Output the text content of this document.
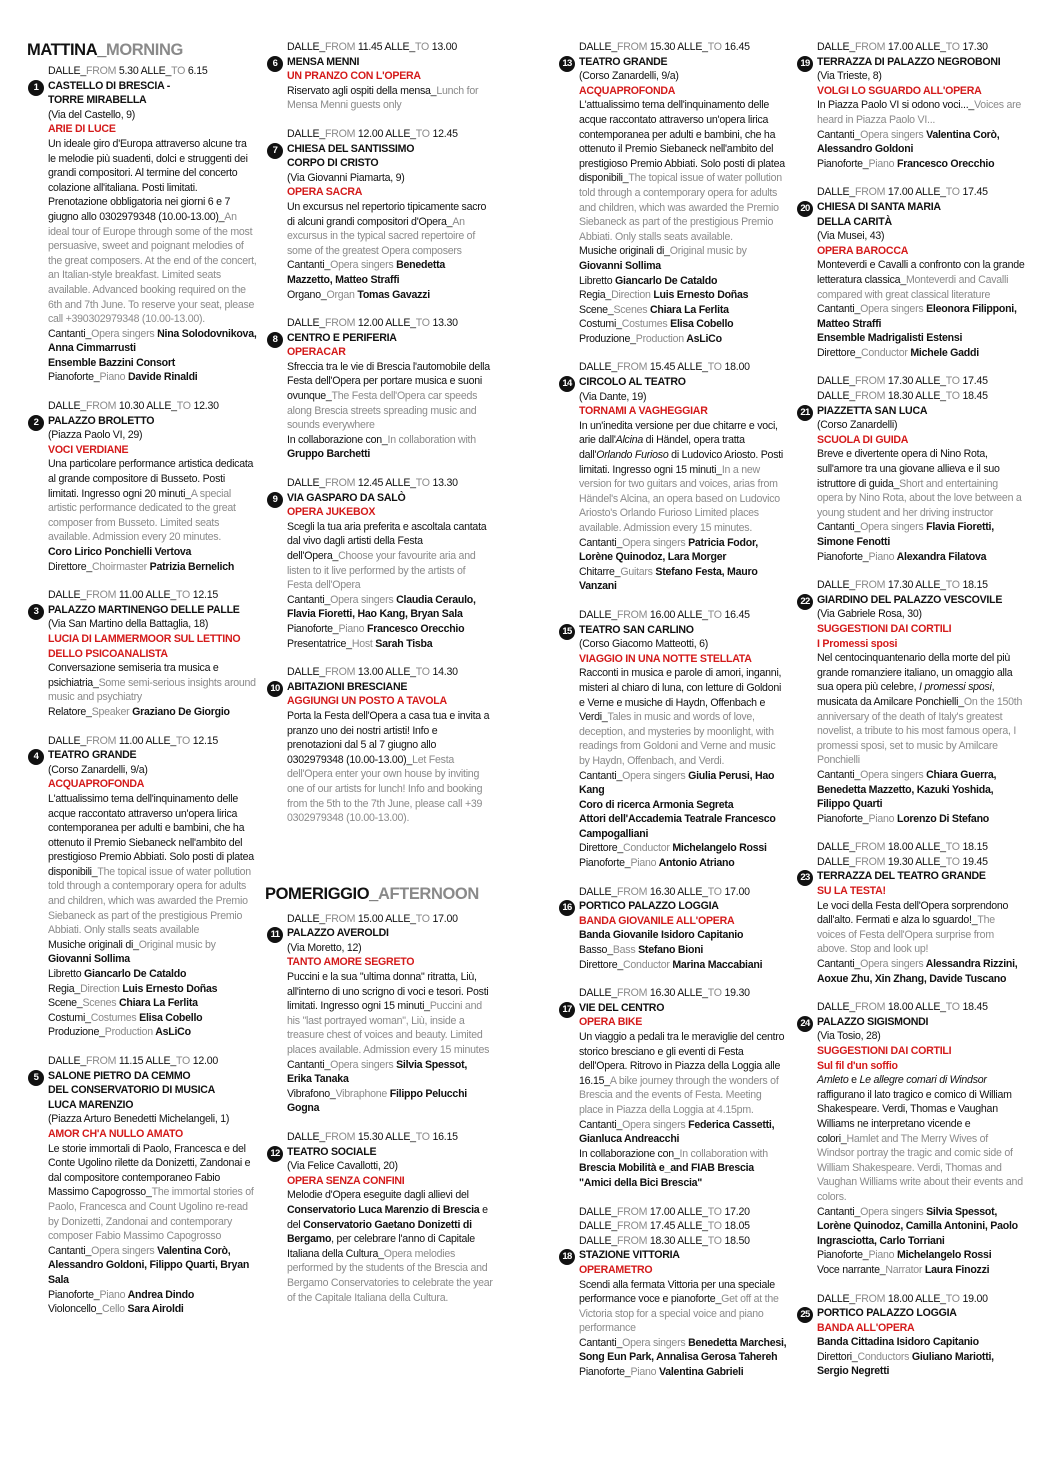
MATTINA_MORNING
DALLE_FROM 5.30 ALLE_TO 6.15
1 CASTELLO DI BRESCIA -
TORRE MIRABELLA
(Via del Castello, 9)
ARIE DI LUCE

Un ideale giro d'Europa attraverso alcune tra le melodie più suadenti, dolci e struggenti dei grandi compositori. Al termine del concerto colazione all'italiana. Posti limitati. Prenotazione obbligatoria nei giorni 6 e 7 giugno allo 0302979348 (10.00-13.00)_An ideal tour of Europe through some of the most persuasive, sweet and poignant melodies of the great composers. At the end of the concert, an Italian-style breakfast. Limited seats available. Advanced booking required on the 6th and 7th June. To reserve your seat, please call +390302979348 (10.00-13.00).

Cantanti_Opera singers Nina Solodovnikova, Anna Cimmarrusti
Ensemble Bazzini Consort
Pianoforte_Piano Davide Rinaldi
DALLE_FROM 10.30 ALLE_TO 12.30
2 PALAZZO BROLETTO
(Piazza Paolo VI, 29)
VOCI VERDIANE

Una particolare performance artistica dedicata al grande compositore di Busseto. Posti limitati. Ingresso ogni 20 minuti_A special artistic performance dedicated to the great composer from Busseto. Limited seats available. Admission every 20 minutes.

Coro Lirico Ponchielli Vertova
Direttore_Choirmaster Patrizia Bernelich
DALLE_FROM 11.00 ALLE_TO 12.15
3 PALAZZO MARTINENGO DELLE PALLE
(Via San Martino della Battaglia, 18)
LUCIA DI LAMMERMOOR SUL LETTINO
DELLO PSICOANALISTA

Conversazione semiseria tra musica e psichiatria_Some semi-serious insights around music and psychiatry

Relatore_Speaker Graziano De Giorgio
DALLE_FROM 11.00 ALLE_TO 12.15
4 TEATRO GRANDE
(Corso Zanardelli, 9/a)
ACQUAPROFONDA

L'attualissimo tema dell'inquinamento delle acque raccontato attraverso un'opera lirica contemporanea per adulti e bambini, che ha ottenuto il Premio Siebaneck nell'ambito del prestigioso Premio Abbiati. Solo posti di platea disponibili_The topical issue of water pollution told through a contemporary opera for adults and children, which was awarded the Premio Siebaneck as part of the prestigious Premio Abbiati. Only stalls seats available

Musiche originali di_Original music by Giovanni Sollima
Libretto Giancarlo De Cataldo
Regia_Direction Luis Ernesto Doñas
Scene_Scenes Chiara La Ferlita
Costumi_Costumes Elisa Cobello
Produzione_Production AsLiCo
DALLE_FROM 11.15 ALLE_TO 12.00
5 SALONE PIETRO DA CEMMO
DEL CONSERVATORIO DI MUSICA
LUCA MARENZIO
(Piazza Arturo Benedetti Michelangeli, 1)
AMOR CH'A NULLO AMATO

Le storie immortali di Paolo, Francesca e del Conte Ugolino rilette da Donizetti, Zandonai e dal compositore contemporaneo Fabio Massimo Capogrosso_The immortal stories of Paolo, Francesca and Count Ugolino re-read by Donizetti, Zandonai and contemporary composer Fabio Massimo Capogrosso

Cantanti_Opera singers Valentina Corò, Alessandro Goldoni, Filippo Quarti, Bryan Sala
Pianoforte_Piano Andrea Dindo
Violoncello_Cello Sara Airoldi
DALLE_FROM 11.45 ALLE_TO 13.00
6 MENSA MENNI
UN PRANZO CON L'OPERA

Riservato agli ospiti della mensa_Lunch for Mensa Menni guests only

DALLE_FROM 12.00 ALLE_TO 12.45
7 CHIESA DEL SANTISSIMO
CORPO DI CRISTO
(Via Giovanni Piamarta, 9)
OPERA SACRA

Un excursus nel repertorio tipicamente sacro di alcuni grandi compositori d'Opera_An excursus in the typical sacred repertoire of some of the greatest Opera composers

Cantanti_Opera singers Benedetta Mazzetto, Matteo Straffi
Organo_Organ Tomas Gavazzi
DALLE_FROM 12.00 ALLE_TO 13.30
8 CENTRO E PERIFERIA
OPERACAR

Sfreccia tra le vie di Brescia l'automobile della Festa dell'Opera per portare musica e suoni ovunque_The Festa dell'Opera car speeds along Brescia streets spreading music and sounds everywhere

In collaborazione con_In collaboration with
Gruppo Barchetti
DALLE_FROM 12.45 ALLE_TO 13.30
9 VIA GASPARO DA SALÒ
OPERA JUKEBOX

Scegli la tua aria preferita e ascoltala cantata dal vivo dagli artisti della Festa dell'Opera_Choose your favourite aria and listen to it live performed by the artists of Festa dell'Opera

Cantanti_Opera singers Claudia Ceraulo, Flavia Fioretti, Hao Kang, Bryan Sala
Pianoforte_Piano Francesco Orecchio
Presentatrice_Host Sarah Tisba
DALLE_FROM 13.00 ALLE_TO 14.30
10 ABITAZIONI BRESCIANE
AGGIUNGI UN POSTO A TAVOLA

Porta la Festa dell'Opera a casa tua e invita a pranzo uno dei nostri artisti! Info e prenotazioni dal 5 al 7 giugno allo 0302979348 (10.00-13.00)_Let Festa dell'Opera enter your own house by inviting one of our artists for lunch! Info and booking from the 5th to the 7th June, please call +39 0302979348 (10.00-13.00).

POMERIGGIO_AFTERNOON
DALLE_FROM 15.00 ALLE_TO 17.00
11 PALAZZO AVEROLDI
(Via Moretto, 12)
TANTO AMORE SEGRETO

Puccini e la sua "ultima donna" ritratta, Liù, all'interno di uno scrigno di voci e tesori. Posti limitati. Ingresso ogni 15 minuti_Puccini and his "last portrayed woman", Liù, inside a treasure chest of voices and beauty. Limited places available. Admission every 15 minutes

Cantanti_Opera singers Silvia Spessot, Erika Tanaka
Vibrafono_Vibraphone Filippo Pelucchi Gogna
DALLE_FROM 15.30 ALLE_TO 16.15
12 TEATRO SOCIALE
(Via Felice Cavallotti, 20)
OPERA SENZA CONFINI

Melodie d'Opera eseguite dagli allievi del Conservatorio Luca Marenzio di Brescia e del Conservatorio Gaetano Donizetti di Bergamo, per celebrare l'anno di Capitale Italiana della Cultura_Opera melodies performed by the students of the Brescia and Bergamo Conservatories to celebrate the year of the Capitale Italiana della Cultura.

DALLE_FROM 15.30 ALLE_TO 16.45
13 TEATRO GRANDE
(Corso Zanardelli, 9/a)
ACQUAPROFONDA

L'attualissimo tema dell'inquinamento delle acque raccontato attraverso un'opera lirica contemporanea per adulti e bambini, che ha ottenuto il Premio Siebaneck nell'ambito del prestigioso Premio Abbiati. Solo posti di platea disponibili_The topical issue of water pollution told through a contemporary opera for adults and children, which was awarded the Premio Siebaneck as part of the prestigious Premio Abbiati. Only stalls seats available.

Musiche originali di_Original music by
Giovanni Sollima
Libretto Giancarlo De Cataldo
Regia_Direction Luis Ernesto Doñas
Scene_Scenes Chiara La Ferlita
Costumi_Costumes Elisa Cobello
Produzione_Production AsLiCo
DALLE_FROM 15.45 ALLE_TO 18.00
14 CIRCOLO AL TEATRO
(Via Dante, 19)
TORNAMI A VAGHEGGIAR

In un'inedita versione per due chitarre e voci, arie dall'Alcina di Händel, opera tratta dall'Orlando Furioso di Ludovico Ariosto. Posti limitati. Ingresso ogni 15 minuti_In a new version for two guitars and voices, arias from Händel's Alcina, an opera based on Ludovico Ariosto's Orlando Furioso Limited places available. Admission every 15 minutes.

Cantanti_Opera singers Patricia Fodor, Lorène Quinodoz, Lara Morger
Chitarre_Guitars Stefano Festa, Mauro Vanzani
DALLE_FROM 16.00 ALLE_TO 16.45
15 TEATRO SAN CARLINO
(Corso Giacomo Matteotti, 6)
VIAGGIO IN UNA NOTTE STELLATA

Racconti in musica e parole di amori, inganni, misteri al chiaro di luna, con letture di Goldoni e Verne e musiche di Haydn, Offenbach e Verdi_Tales in music and words of love, deception, and mysteries by moonlight, with readings from Goldoni and Verne and music by Haydn, Offenbach, and Verdi.

Cantanti_Opera singers Giulia Perusi, Hao Kang
Coro di ricerca Armonia Segreta
Attori dell'Accademia Teatrale Francesco Campogalliani
Direttore_Conductor Michelangelo Rossi
Pianoforte_Piano Antonio Atriano
DALLE_FROM 16.30 ALLE_TO 17.00
16 PORTICO PALAZZO LOGGIA
BANDA GIOVANILE ALL'OPERA
Banda Giovanile Isidoro Capitanio
Basso_Bass Stefano Bioni
Direttore_Conductor Marina Maccabiani
DALLE_FROM 16.30 ALLE_TO 19.30
17 VIE DEL CENTRO
OPERA BIKE

Un viaggio a pedali tra le meraviglie del centro storico bresciano e gli eventi di Festa dell'Opera. Ritrovo in Piazza della Loggia alle 16.15_A bike journey through the wonders of Brescia and the events of Festa. Meeting place in Piazza della Loggia at 4.15pm.

Cantanti_Opera singers Federica Cassetti, Gianluca Andreacchi
In collaborazione con_In collaboration with
Brescia Mobilità e_and FIAB Brescia "Amici della Bici Brescia"
DALLE_FROM 17.00 ALLE_TO 17.20
DALLE_FROM 17.45 ALLE_TO 18.05
DALLE_FROM 18.30 ALLE_TO 18.50
18 STAZIONE VITTORIA
OPERAMETRO

Scendi alla fermata Vittoria per una speciale performance voce e pianoforte_Get off at the Victoria stop for a special voice and piano performance

Cantanti_Opera singers Benedetta Marchesi, Song Eun Park, Annalisa Gerosa Tahereh
Pianoforte_Piano Valentina Gabrieli
DALLE_FROM 17.00 ALLE_TO 17.30
19 TERRAZZA DI PALAZZO NEGROBONI
(Via Trieste, 8)
VOLGI LO SGUARDO ALL'OPERA

In Piazza Paolo VI si odono voci..._Voices are heard in Piazza Paolo VI...

Cantanti_Opera singers Valentina Corò, Alessandro Goldoni
Pianoforte_Piano Francesco Orecchio
DALLE_FROM 17.00 ALLE_TO 17.45
20 CHIESA DI SANTA MARIA
DELLA CARITÀ
(Via Musei, 43)
OPERA BAROCCA

Monteverdi e Cavalli a confronto con la grande letteratura classica_Monteverdi and Cavalli compared with great classical literature

Cantanti_Opera singers Eleonora Filipponi, Matteo Straffi
Ensemble Madrigalisti Estensi
Direttore_Conductor Michele Gaddi
DALLE_FROM 17.30 ALLE_TO 17.45
DALLE_FROM 18.30 ALLE_TO 18.45
21 PIAZZETTA SAN LUCA
(Corso Zanardelli)
SCUOLA DI GUIDA

Breve e divertente opera di Nino Rota, sull'amore tra una giovane allieva e il suo istruttore di guida_Short and entertaining opera by Nino Rota, about the love between a young student and her driving instructor

Cantanti_Opera singers Flavia Fioretti, Simone Fenotti
Pianoforte_Piano Alexandra Filatova
DALLE_FROM 17.30 ALLE_TO 18.15
22 GIARDINO DEL PALAZZO VESCOVILE
(Via Gabriele Rosa, 30)
SUGGESTIONI DAI CORTILI
I Promessi sposi

Nel centocinquantenario della morte del più grande romanziere italiano, un omaggio alla sua opera più celebre, I promessi sposi, musicata da Amilcare Ponchielli_On the 150th anniversary of the death of Italy's greatest novelist, a tribute to his most famous opera, I promessi sposi, set to music by Amilcare Ponchielli

Cantanti_Opera singers Chiara Guerra, Benedetta Mazzetto, Kazuki Yoshida, Filippo Quarti
Pianoforte_Piano Lorenzo Di Stefano
DALLE_FROM 18.00 ALLE_TO 18.15
DALLE_FROM 19.30 ALLE_TO 19.45
23 TERRAZZA DEL TEATRO GRANDE
SU LA TESTA!

Le voci della Festa dell'Opera sorprendono dall'alto. Fermati e alza lo sguardo!_The voices of Festa dell'Opera surprise from above. Stop and look up!

Cantanti_Opera singers Alessandra Rizzini, Aoxue Zhu, Xin Zhang, Davide Tuscano
DALLE_FROM 18.00 ALLE_TO 18.45
24 PALAZZO SIGISMONDI
(Via Tosio, 28)
SUGGESTIONI DAI CORTILI
Sul fil d'un soffio

Amleto e Le allegre comari di Windsor raffigurano il lato tragico e comico di William Shakespeare. Verdi, Thomas e Vaughan Williams ne interpretano vicende e colori_Hamlet and The Merry Wives of Windsor portray the tragic and comic side of William Shakespeare. Verdi, Thomas and Vaughan Williams write about their events and colors.

Cantanti_Opera singers Silvia Spessot, Lorène Quinodoz, Camilla Antonini, Paolo Ingrasciotta, Carlo Torriani
Pianoforte_Piano Michelangelo Rossi
Voce narrante_Narrator Laura Finozzi
DALLE_FROM 18.00 ALLE_TO 19.00
25 PORTICO PALAZZO LOGGIA
BANDA ALL'OPERA
Banda Cittadina Isidoro Capitanio
Direttori_Conductors Giuliano Mariotti, Sergio Negretti
